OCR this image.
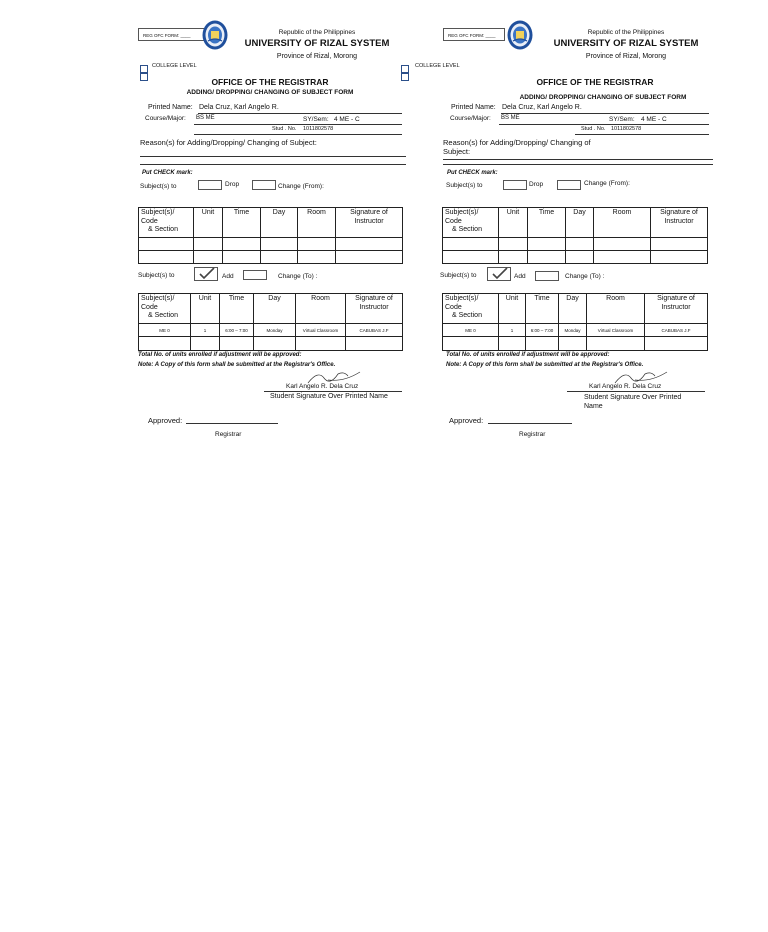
REG OFC FORM: ____	Republic of the Philippines
UNIVERSITY OF RIZAL SYSTEM
Province of Rizal, Morong
COLLEGE LEVEL
OFFICE OF THE REGISTRAR
ADDING/ DROPPING/ CHANGING OF SUBJECT FORM
Printed Name: Dela Cruz, Karl Angelo R.
Course/Major: BS ME	SY/Sem: 4 ME - C
Stud . No. 1011802578
Reason(s) for Adding/Dropping/ Changing of Subject:
Put CHECK mark:
Subject(s) to	Drop	Change (From):
Subject(s)/ Code
& Section	Unit	Time	Day	Room	Signature of Instructor

Subject(s) to	Add	Change (To) :
Subject(s)/ Code
& Section	Unit	Time	Day	Room	Signature of Instructor
ME 0	1	6:00 – 7:00	Monday	Virtual Classroom	CABUBAS J.F

Total No. of units enrolled if adjustment will be approved:
Note: A Copy of this form shall be submitted at the Registrar's Office.
Karl Angelo R. Dela Cruz
Student Signature Over Printed Name
Approved:
Registrar
REG OFC FORM: ____	Republic of the Philippines
UNIVERSITY OF RIZAL SYSTEM
Province of Rizal, Morong
COLLEGE LEVEL
OFFICE OF THE REGISTRAR
ADDING/ DROPPING/ CHANGING OF SUBJECT FORM
Printed Name: Dela Cruz, Karl Angelo R.
Course/Major: BS ME	SY/Sem: 4 ME - C
Stud . No. 1011802578
Reason(s) for Adding/Dropping/ Changing of Subject:
Put CHECK mark:
Subject(s) to	Drop	Change (From):
Subject(s)/ Code
& Section	Unit	Time	Day	Room	Signature of Instructor

Subject(s) to	Add	Change (To) :
Subject(s)/ Code
& Section	Unit	Time	Day	Room	Signature of Instructor
ME 0	1	6:00 – 7:00	Monday	Virtual Classroom	CABUBAS J.F

Total No. of units enrolled if adjustment will be approved:
Note: A Copy of this form shall be submitted at the Registrar's Office.
Karl Angelo R. Dela Cruz
Student Signature Over Printed Name
Approved:
Registrar
